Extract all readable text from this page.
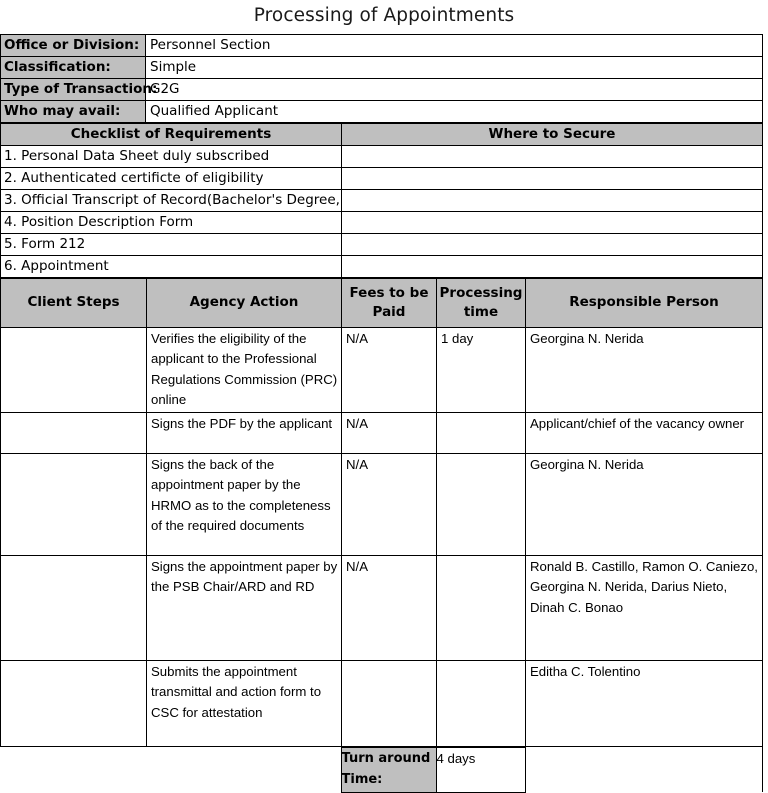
Processing of Appointments
Office or Division:	Personnel Section
Classification:	Simple
Type of Transaction:	G2G
Who may avail:	Qualified Applicant
Checklist of Requirements	Where to Secure
1. Personal Data Sheet duly subscribed	
2. Authenticated certificte of eligibility	
3. Official Transcript of Record(Bachelor's Degree,	
4. Position Description Form	
5. Form 212	
6. Appointment	
Client Steps	Agency Action	Fees to be Paid	Processing time	Responsible Person
	Verifies the eligibility of the applicant to the Professional Regulations Commission (PRC) online	N/A	1 day	Georgina N. Nerida
	Signs the PDF by the applicant	N/A		Applicant/chief of the vacancy owner
	Signs the back of the appointment paper by the HRMO as to the completeness of the required documents	N/A		Georgina N. Nerida
	Signs the appointment paper by the PSB Chair/ARD and RD	N/A		Ronald B. Castillo, Ramon O. Caniezo, Georgina N. Nerida, Darius Nieto, Dinah C. Bonao
	Submits the appointment transmittal and action form to CSC for attestation			Editha C. Tolentino
		Turn around Time:	4 days	
